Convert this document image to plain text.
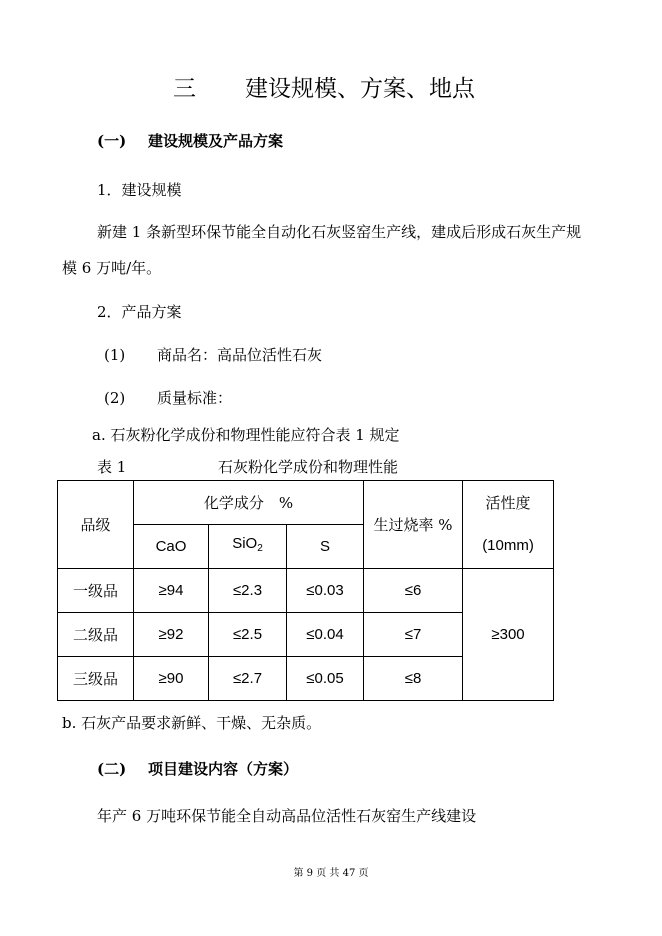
三 建设规模、方案、地点
(一) 建设规模及产品方案
1．建设规模
新建 1 条新型环保节能全自动化石灰竖窑生产线，建成后形成石灰生产规
模 6 万吨/年。
2．产品方案
(1) 商品名：高品位活性石灰
(2) 质量标准：
a. 石灰粉化学成份和物理性能应符合表 1 规定
表 1	石灰粉化学成份和物理性能
品级	化学成分　%			生过烧率 %	活性度
(10mm)
	CaO	SiO$_2$	S		
一级品	≥94	≤2.3	≤0.03	≤6	≥300
二级品	≥92	≤2.5	≤0.04	≤7	
三级品	≥90	≤2.7	≤0.05	≤8	
b. 石灰产品要求新鲜、干燥、无杂质。
(二) 项目建设内容（方案）
年产 6 万吨环保节能全自动高品位活性石灰窑生产线建设
第 9 页 共 47 页
